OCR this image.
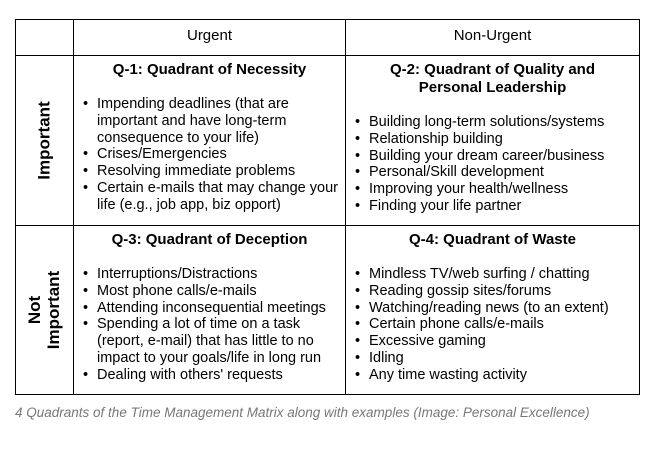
Urgent	Non-Urgent
Important
Not Important
Q-1: Quadrant of Necessity
• Impending deadlines (that are important and have long-term consequence to your life)
• Crises/Emergencies
• Resolving immediate problems
• Certain e-mails that may change your life (e.g., job app, biz opport)
Q-2: Quadrant of Quality and
Personal Leadership
• Building long-term solutions/systems
• Relationship building
• Building your dream career/business
• Personal/Skill development
• Improving your health/wellness
• Finding your life partner
Q-3: Quadrant of Deception
• Interruptions/Distractions
• Most phone calls/e-mails
• Attending inconsequential meetings
• Spending a lot of time on a task (report, e-mail) that has little to no impact to your goals/life in long run
• Dealing with others' requests
Q-4: Quadrant of Waste
• Mindless TV/web surfing / chatting
• Reading gossip sites/forums
• Watching/reading news (to an extent)
• Certain phone calls/e-mails
• Excessive gaming
• Idling
• Any time wasting activity
4 Quadrants of the Time Management Matrix along with examples (Image: Personal Excellence)
